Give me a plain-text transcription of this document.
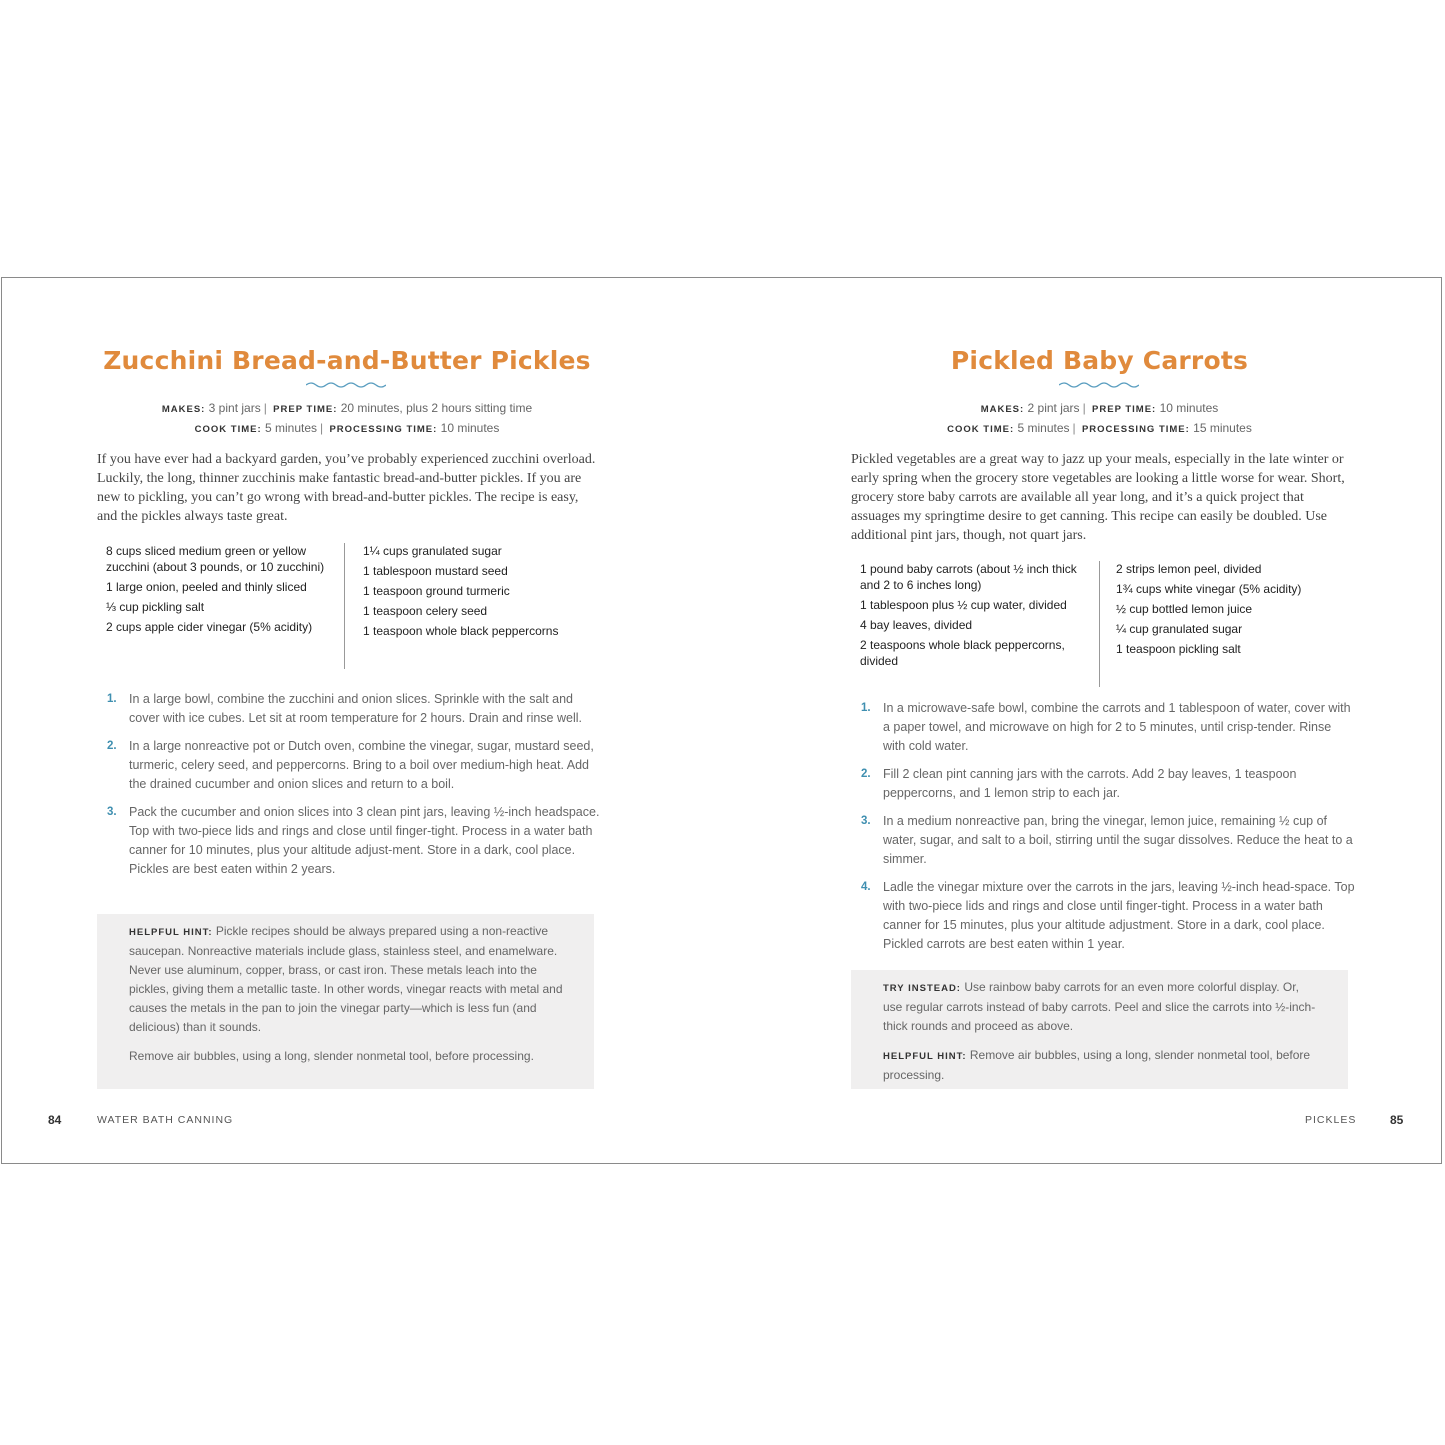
Zucchini Bread-and-Butter Pickles
MAKES: 3 pint jars | PREP TIME: 20 minutes, plus 2 hours sitting time
COOK TIME: 5 minutes | PROCESSING TIME: 10 minutes

If you have ever had a backyard garden, you’ve probably experienced zucchini overload. Luckily, the long, thinner zucchinis make fantastic bread-and-butter pickles. If you are new to pickling, you can’t go wrong with bread-and-butter pickles. The recipe is easy, and the pickles always taste great.

8 cups sliced medium green or yellow zucchini (about 3 pounds, or 10 zucchini)
1 large onion, peeled and thinly sliced
⅓ cup pickling salt
2 cups apple cider vinegar (5% acidity)
1¼ cups granulated sugar
1 tablespoon mustard seed
1 teaspoon ground turmeric
1 teaspoon celery seed
1 teaspoon whole black peppercorns
1. In a large bowl, combine the zucchini and onion slices. Sprinkle with the salt and cover with ice cubes. Let sit at room temperature for 2 hours. Drain and rinse well.
2. In a large nonreactive pot or Dutch oven, combine the vinegar, sugar, mustard seed, turmeric, celery seed, and peppercorns. Bring to a boil over medium-high heat. Add the drained cucumber and onion slices and return to a boil.
3. Pack the cucumber and onion slices into 3 clean pint jars, leaving ½-inch headspace. Top with two-piece lids and rings and close until finger-tight. Process in a water bath canner for 10 minutes, plus your altitude adjust-ment. Store in a dark, cool place. Pickles are best eaten within 2 years.

HELPFUL HINT: Pickle recipes should be always prepared using a non-reactive saucepan. Nonreactive materials include glass, stainless steel, and enamelware. Never use aluminum, copper, brass, or cast iron. These metals leach into the pickles, giving them a metallic taste. In other words, vinegar reacts with metal and causes the metals in the pan to join the vinegar party—which is less fun (and delicious) than it sounds.

Remove air bubbles, using a long, slender nonmetal tool, before processing.

84	WATER BATH CANNING
Pickled Baby Carrots
MAKES: 2 pint jars | PREP TIME: 10 minutes
COOK TIME: 5 minutes | PROCESSING TIME: 15 minutes

Pickled vegetables are a great way to jazz up your meals, especially in the late winter or early spring when the grocery store vegetables are looking a little worse for wear. Short, grocery store baby carrots are available all year long, and it’s a quick project that assuages my springtime desire to get canning. This recipe can easily be doubled. Use additional pint jars, though, not quart jars.

1 pound baby carrots (about ½ inch thick and 2 to 6 inches long)
1 tablespoon plus ½ cup water, divided
4 bay leaves, divided
2 teaspoons whole black peppercorns, divided
2 strips lemon peel, divided
1¾ cups white vinegar (5% acidity)
½ cup bottled lemon juice
¼ cup granulated sugar
1 teaspoon pickling salt
1. In a microwave-safe bowl, combine the carrots and 1 tablespoon of water, cover with a paper towel, and microwave on high for 2 to 5 minutes, until crisp-tender. Rinse with cold water.
2. Fill 2 clean pint canning jars with the carrots. Add 2 bay leaves, 1 teaspoon peppercorns, and 1 lemon strip to each jar.
3. In a medium nonreactive pan, bring the vinegar, lemon juice, remaining ½ cup of water, sugar, and salt to a boil, stirring until the sugar dissolves. Reduce the heat to a simmer.
4. Ladle the vinegar mixture over the carrots in the jars, leaving ½-inch head-space. Top with two-piece lids and rings and close until finger-tight. Process in a water bath canner for 15 minutes, plus your altitude adjustment. Store in a dark, cool place. Pickled carrots are best eaten within 1 year.

TRY INSTEAD: Use rainbow baby carrots for an even more colorful display. Or, use regular carrots instead of baby carrots. Peel and slice the carrots into ½-inch-thick rounds and proceed as above.

HELPFUL HINT: Remove air bubbles, using a long, slender nonmetal tool, before processing.

PICKLES	85
